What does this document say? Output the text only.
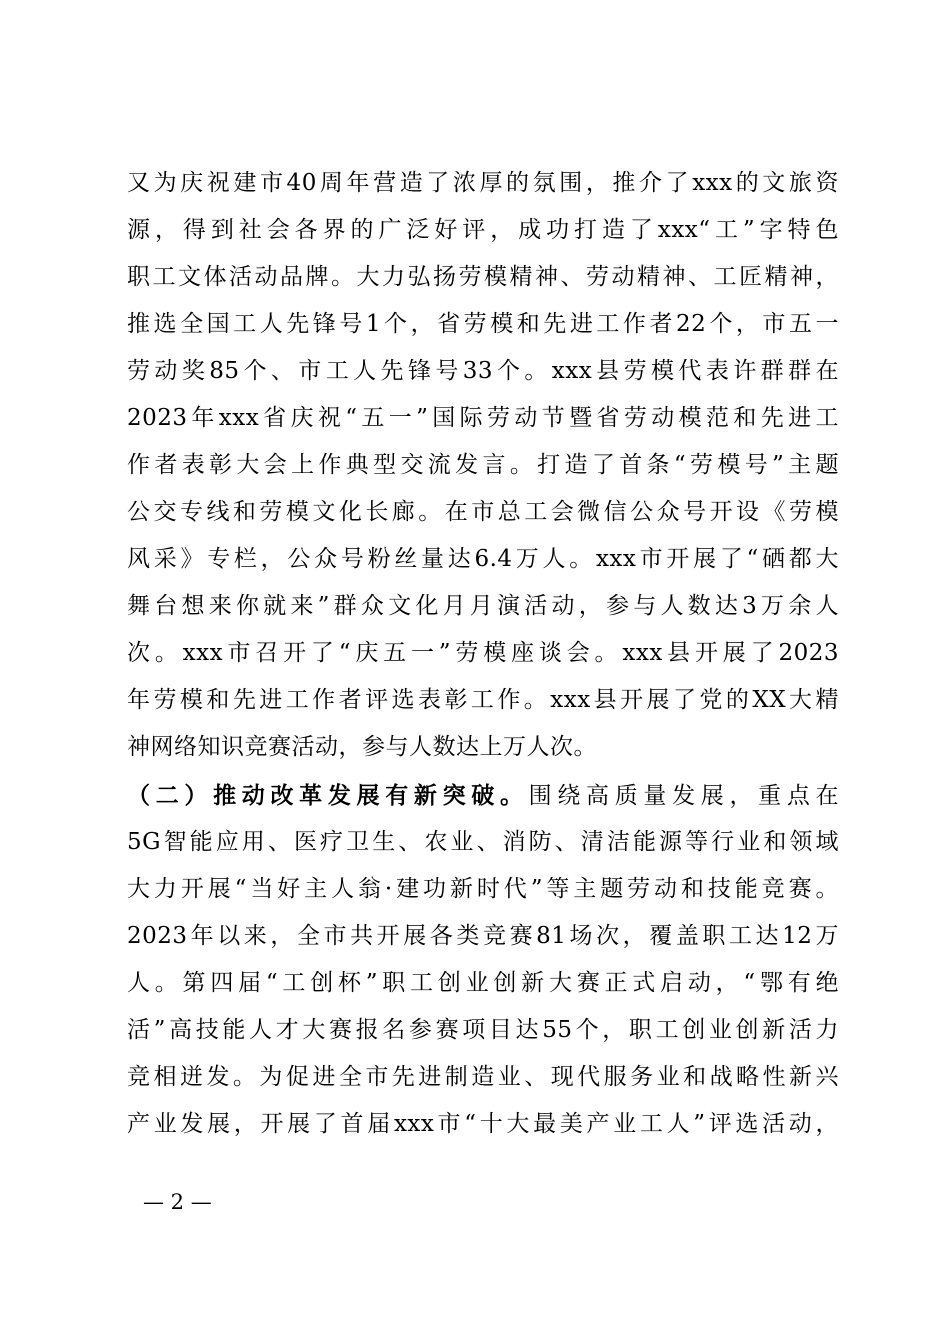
又为庆祝建市40周年营造了浓厚的氛围，推介了xxx的文旅资
源，得到社会各界的广泛好评，成功打造了xxx“工”字特色
职工文体活动品牌。大力弘扬劳模精神、劳动精神、工匠精神，
推选全国工人先锋号1个，省劳模和先进工作者22个，市五一
劳动奖85个、市工人先锋号33个。xxx县劳模代表许群群在
2023年xxx省庆祝“五一”国际劳动节暨省劳动模范和先进工
作者表彰大会上作典型交流发言。打造了首条“劳模号”主题
公交专线和劳模文化长廊。在市总工会微信公众号开设《劳模
风采》专栏，公众号粉丝量达6.4万人。xxx市开展了“硒都大
舞台想来你就来”群众文化月月演活动，参与人数达3万余人
次。xxx市召开了“庆五一”劳模座谈会。xxx县开展了2023
年劳模和先进工作者评选表彰工作。xxx县开展了党的XX大精
神网络知识竞赛活动，参与人数达上万人次。
（二）推动改革发展有新突破。围绕高质量发展，重点在
5G智能应用、医疗卫生、农业、消防、清洁能源等行业和领域
大力开展“当好主人翁·建功新时代”等主题劳动和技能竞赛。
2023年以来，全市共开展各类竞赛81场次，覆盖职工达12万
人。第四届“工创杯”职工创业创新大赛正式启动，“鄂有绝
活”高技能人才大赛报名参赛项目达55个，职工创业创新活力
竞相迸发。为促进全市先进制造业、现代服务业和战略性新兴
产业发展，开展了首届xxx市“十大最美产业工人”评选活动，
— 2 —
